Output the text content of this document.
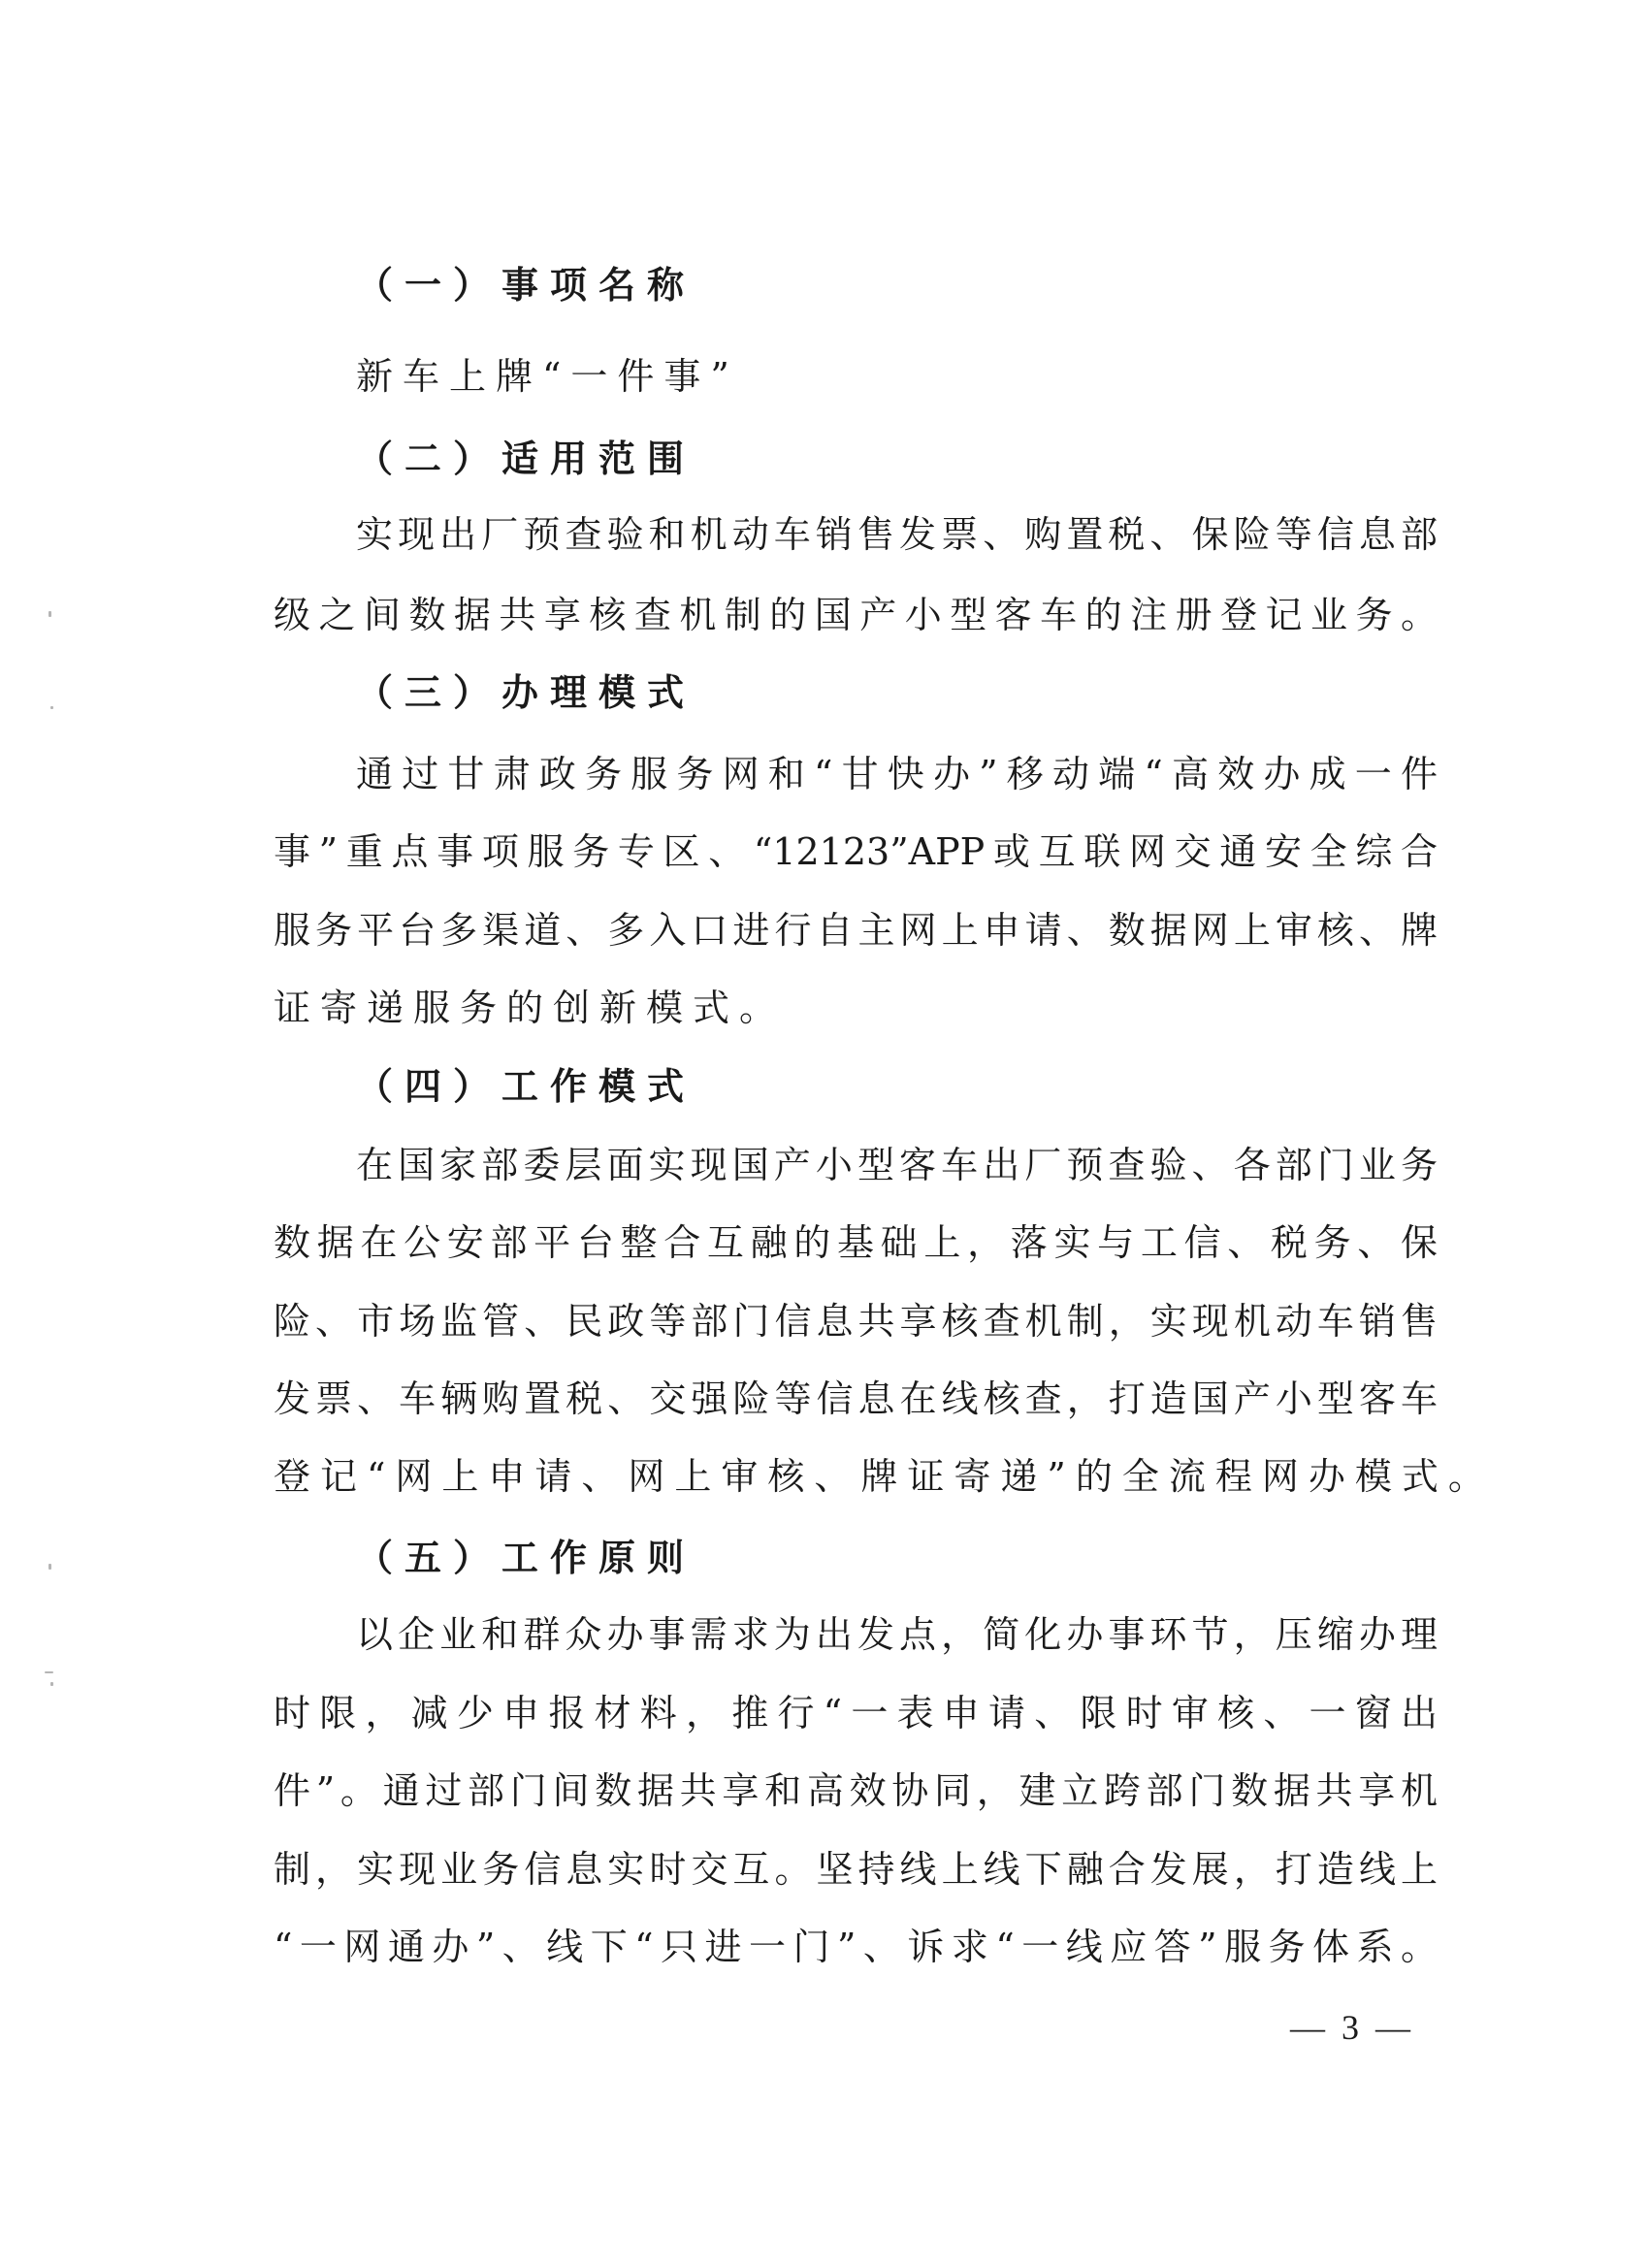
（一）事项名称
新车上牌“一件事”
（二）适用范围
实现出厂预查验和机动车销售发票、购置税、保险等信息部
级之间数据共享核查机制的国产小型客车的注册登记业务。
（三）办理模式
通过甘肃政务服务网和“甘快办”移动端“高效办成一件
事”重点事项服务专区、“12123”APP或互联网交通安全综合
服务平台多渠道、多入口进行自主网上申请、数据网上审核、牌
证寄递服务的创新模式。
（四）工作模式
在国家部委层面实现国产小型客车出厂预查验、各部门业务
数据在公安部平台整合互融的基础上，落实与工信、税务、保
险、市场监管、民政等部门信息共享核查机制，实现机动车销售
发票、车辆购置税、交强险等信息在线核查，打造国产小型客车
登记“网上申请、网上审核、牌证寄递”的全流程网办模式。
（五）工作原则
以企业和群众办事需求为出发点，简化办事环节，压缩办理
时限，减少申报材料，推行“一表申请、限时审核、一窗出
件”。通过部门间数据共享和高效协同，建立跨部门数据共享机
制，实现业务信息实时交互。坚持线上线下融合发展，打造线上
“一网通办”、线下“只进一门”、诉求“一线应答”服务体系。
— 3 —
